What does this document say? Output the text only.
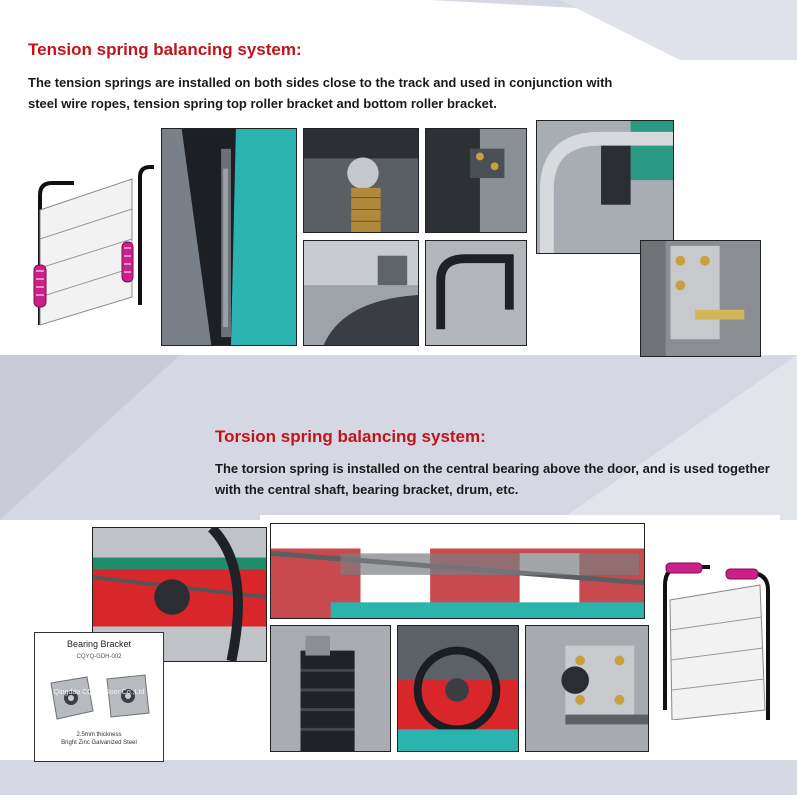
Tension spring balancing system:
The tension springs are installed on both sides close to the track and used in conjunction with
steel wire ropes, tension spring top roller bracket and bottom roller bracket.
Torsion spring balancing system:
The torsion spring is installed on the central bearing above the door, and is used together
with the central shaft, bearing bracket, drum, etc.
Bearing Bracket
CQYQ-GDH-002
Qingdao CQYQ Door Co.,Ltd
2.5mm thickness
Bright Zinc Galvanized Steel
